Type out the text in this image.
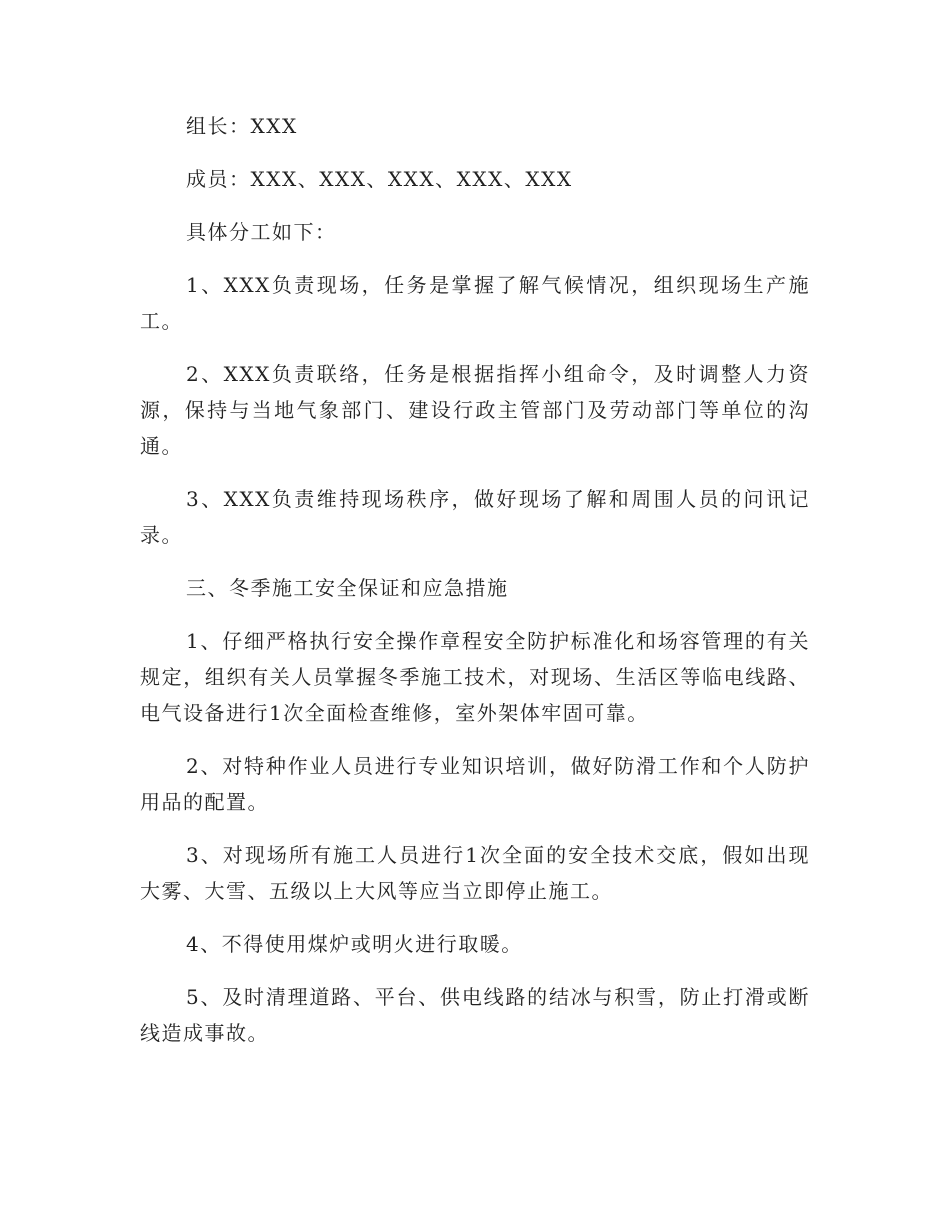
组长：XXX

成员：XXX、XXX、XXX、XXX、XXX

具体分工如下：

1、XXX负责现场，任务是掌握了解气候情况，组织现场生产施工。

2、XXX负责联络，任务是根据指挥小组命令，及时调整人力资源，保持与当地气象部门、建设行政主管部门及劳动部门等单位的沟通。

3、XXX负责维持现场秩序，做好现场了解和周围人员的问讯记录。

三、冬季施工安全保证和应急措施

1、仔细严格执行安全操作章程安全防护标准化和场容管理的有关规定，组织有关人员掌握冬季施工技术，对现场、生活区等临电线路、电气设备进行1次全面检查维修，室外架体牢固可靠。

2、对特种作业人员进行专业知识培训，做好防滑工作和个人防护用品的配置。

3、对现场所有施工人员进行1次全面的安全技术交底，假如出现大雾、大雪、五级以上大风等应当立即停止施工。

4、不得使用煤炉或明火进行取暖。

5、及时清理道路、平台、供电线路的结冰与积雪，防止打滑或断线造成事故。
